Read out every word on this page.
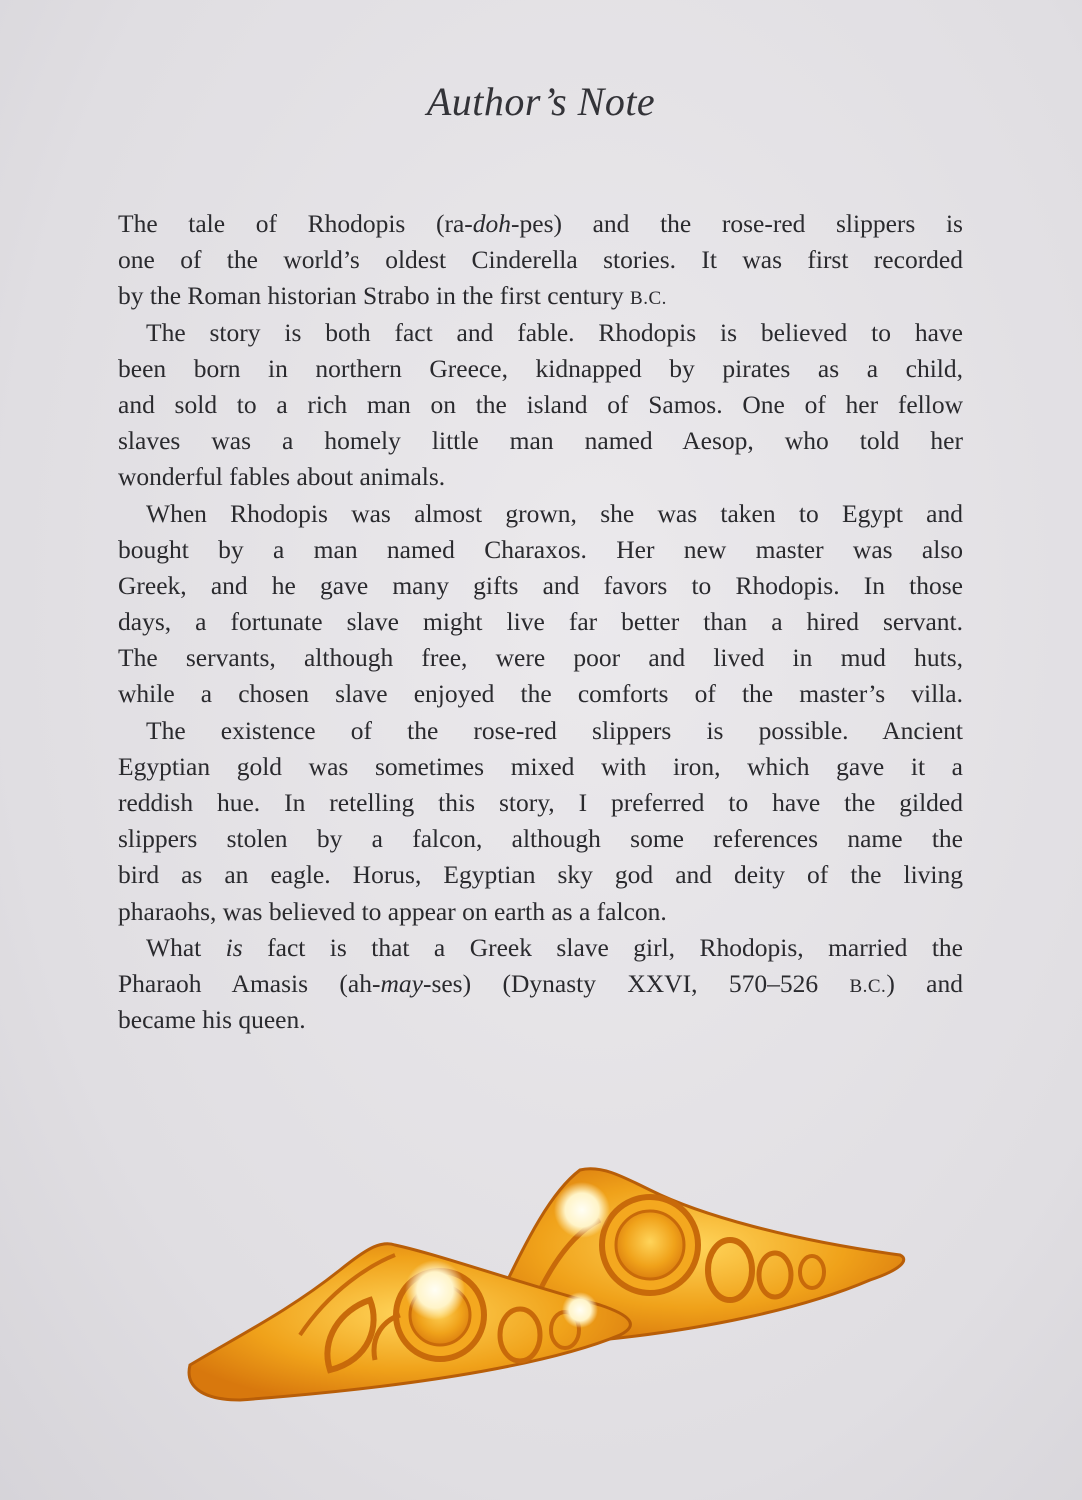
Author’s Note
The tale of Rhodopis (ra-doh-pes) and the rose-red slippers is
one of the world’s oldest Cinderella stories. It was first recorded
by the Roman historian Strabo in the first century B.C.
The story is both fact and fable. Rhodopis is believed to have
been born in northern Greece, kidnapped by pirates as a child,
and sold to a rich man on the island of Samos. One of her fellow
slaves was a homely little man named Aesop, who told her
wonderful fables about animals.
When Rhodopis was almost grown, she was taken to Egypt and
bought by a man named Charaxos. Her new master was also
Greek, and he gave many gifts and favors to Rhodopis. In those
days, a fortunate slave might live far better than a hired servant.
The servants, although free, were poor and lived in mud huts,
while a chosen slave enjoyed the comforts of the master’s villa.
The existence of the rose-red slippers is possible. Ancient
Egyptian gold was sometimes mixed with iron, which gave it a
reddish hue. In retelling this story, I preferred to have the gilded
slippers stolen by a falcon, although some references name the
bird as an eagle. Horus, Egyptian sky god and deity of the living
pharaohs, was believed to appear on earth as a falcon.
What is fact is that a Greek slave girl, Rhodopis, married the
Pharaoh Amasis (ah-may-ses) (Dynasty XXVI, 570–526 B.C.) and
became his queen.
